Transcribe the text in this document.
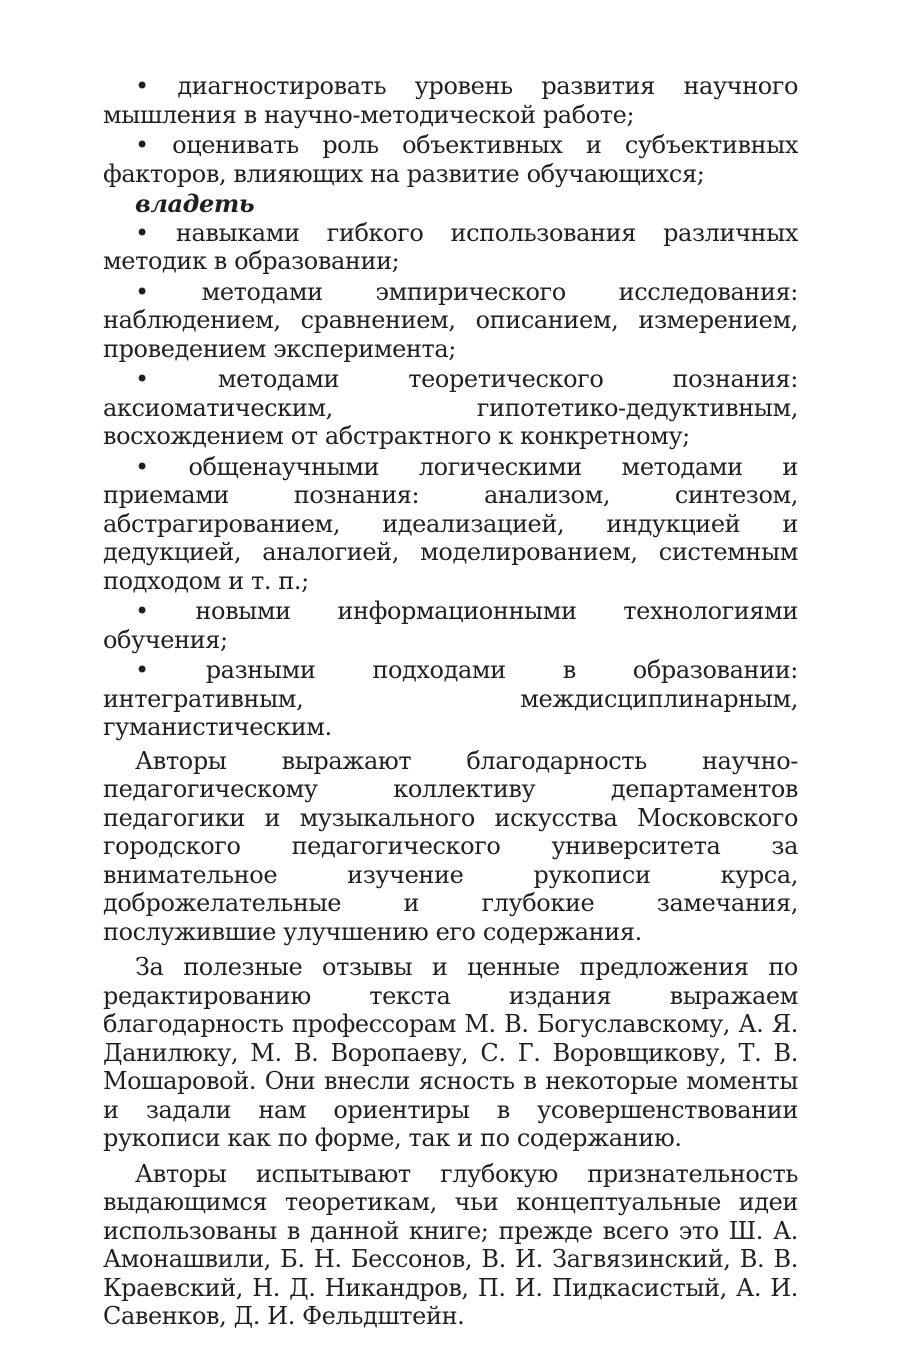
• диагностировать уровень развития научного мышления в научно-методической работе;

• оценивать роль объективных и субъективных факторов, влияющих на развитие обучающихся;

владеть

• навыками гибкого использования различных методик в образовании;

• методами эмпирического исследования: наблюдением, сравнением, описанием, измерением, проведением эксперимента;

• методами теоретического познания: аксиоматическим, гипотетико-дедуктивным, восхождением от абстрактного к конкретному;

• общенаучными логическими методами и приемами познания: анализом, синтезом, абстрагированием, идеализацией, индукцией и дедукцией, аналогией, моделированием, системным подходом и т. п.;

• новыми информационными технологиями обучения;

• разными подходами в образовании: интегративным, междисциплинарным, гуманистическим.

Авторы выражают благодарность научно-педагогическому коллективу департаментов педагогики и музыкального искусства Московского городского педагогического университета за внимательное изучение рукописи курса, доброжелательные и глубокие замечания, послужившие улучшению его содержания.

За полезные отзывы и ценные предложения по редактированию текста издания выражаем благодарность профессорам М. В. Богуславскому, А. Я. Данилюку, М. В. Воропаеву, С. Г. Воровщикову, Т. В. Мошаровой. Они внесли ясность в некоторые моменты и задали нам ориентиры в усовершенствовании рукописи как по форме, так и по содержанию.

Авторы испытывают глубокую признательность выдающимся теоретикам, чьи концептуальные идеи использованы в данной книге; прежде всего это Ш. А. Амонашвили, Б. Н. Бессонов, В. И. Загвязинский, В. В. Краевский, Н. Д. Никандров, П. И. Пидкасистый, А. И. Савенков, Д. И. Фельдштейн.
